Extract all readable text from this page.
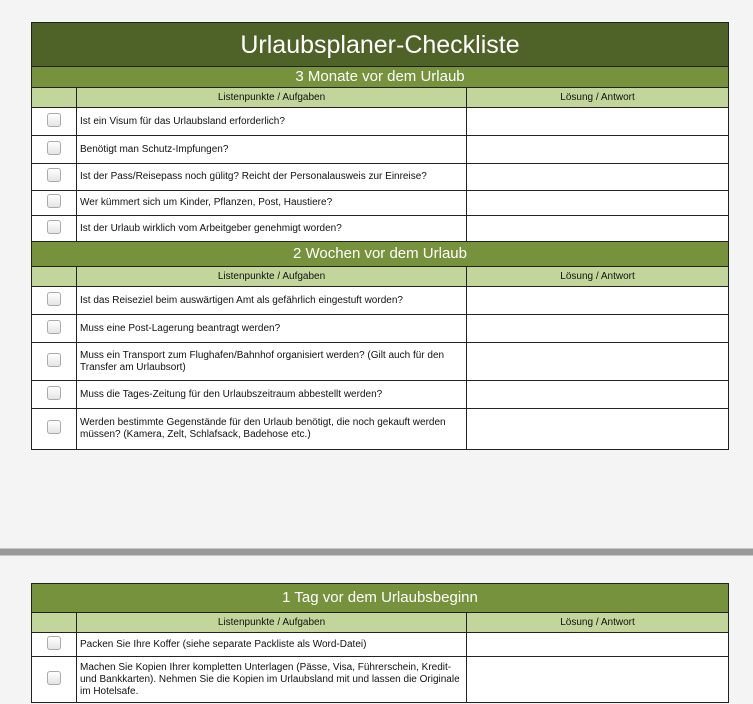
Urlaubsplaner-Checkliste		
3 Monate vor dem Urlaub		
	Listenpunkte / Aufgaben	Lösung / Antwort
	Ist ein Visum für das Urlaubsland erforderlich?	
	Benötigt man Schutz-Impfungen?	
	Ist der Pass/Reisepass noch gülitg? Reicht der Personalausweis zur Einreise?	
	Wer kümmert sich um Kinder, Pflanzen, Post, Haustiere?	
	Ist der Urlaub wirklich vom Arbeitgeber genehmigt worden?	
2 Wochen vor dem Urlaub		
	Listenpunkte / Aufgaben	Lösung / Antwort
	Ist das Reiseziel beim auswärtigen Amt als gefährlich eingestuft worden?	
	Muss eine Post-Lagerung beantragt werden?	
	Muss ein Transport zum Flughafen/Bahnhof organisiert werden? (Gilt auch für den Transfer am Urlaubsort)	
	Muss die Tages-Zeitung für den Urlaubszeitraum abbestellt werden?	
	Werden bestimmte Gegenstände für den Urlaub benötigt, die noch gekauft werden müssen? (Kamera, Zelt, Schlafsack, Badehose etc.)	
1 Tag vor dem Urlaubsbeginn		
	Listenpunkte / Aufgaben	Lösung / Antwort
	Packen Sie Ihre Koffer (siehe separate Packliste als Word-Datei)	
	Machen Sie Kopien Ihrer kompletten Unterlagen (Pässe, Visa, Führerschein, Kredit- und Bankkarten). Nehmen Sie die Kopien im Urlaubsland mit und lassen die Originale im Hotelsafe.	
